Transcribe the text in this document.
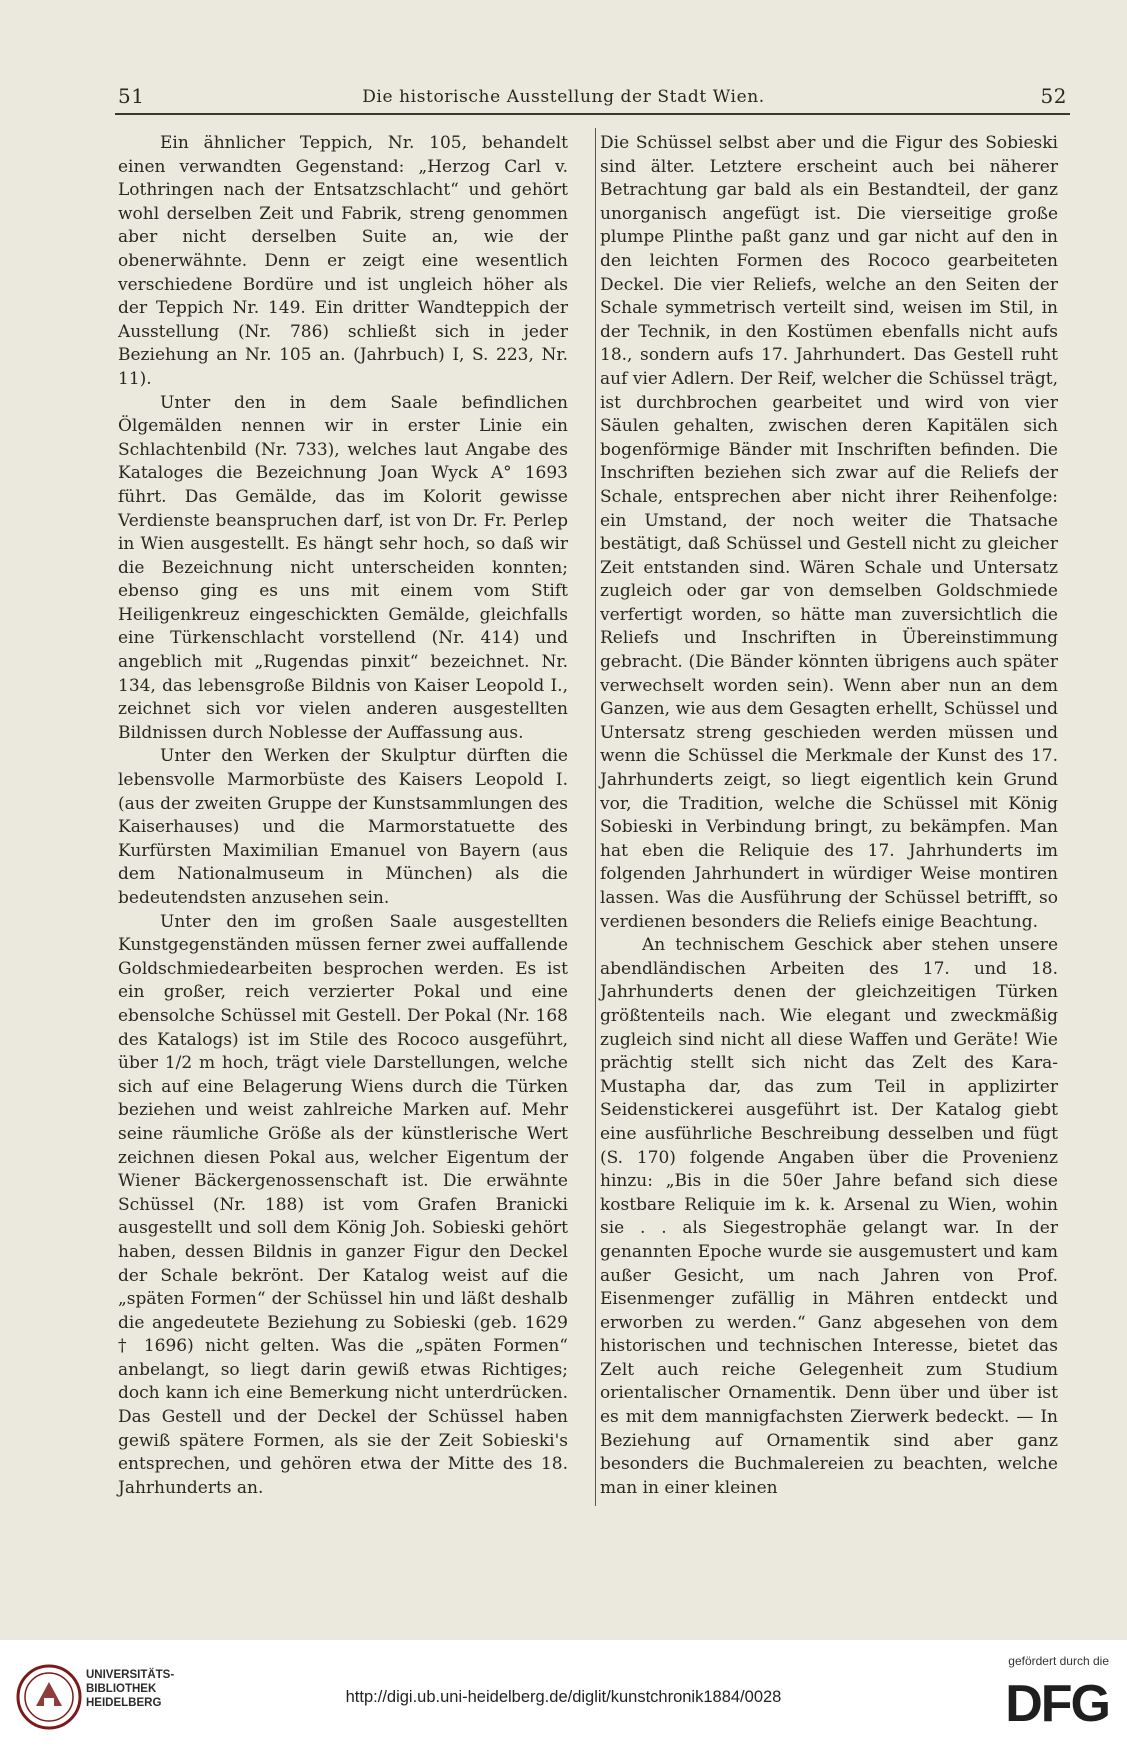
51	Die historische Ausstellung der Stadt Wien.	52

Ein ähnlicher Teppich, Nr. 105, behandelt einen verwandten Gegenstand: „Herzog Carl v. Lothringen nach der Entsatzschlacht“ und gehört wohl derselben Zeit und Fabrik, streng genommen aber nicht derselben Suite an, wie der obenerwähnte. Denn er zeigt eine wesentlich verschiedene Bordüre und ist ungleich höher als der Teppich Nr. 149. Ein dritter Wandteppich der Ausstellung (Nr. 786) schließt sich in jeder Beziehung an Nr. 105 an. (Jahrbuch) I, S. 223, Nr. 11).

Unter den in dem Saale befindlichen Ölgemälden nennen wir in erster Linie ein Schlachtenbild (Nr. 733), welches laut Angabe des Kataloges die Bezeichnung Joan Wyck A° 1693 führt. Das Gemälde, das im Kolorit gewisse Verdienste beanspruchen darf, ist von Dr. Fr. Perlep in Wien ausgestellt. Es hängt sehr hoch, so daß wir die Bezeichnung nicht unterscheiden konnten; ebenso ging es uns mit einem vom Stift Heiligenkreuz eingeschickten Gemälde, gleichfalls eine Türkenschlacht vorstellend (Nr. 414) und angeblich mit „Rugendas pinxit“ bezeichnet. Nr. 134, das lebensgroße Bildnis von Kaiser Leopold I., zeichnet sich vor vielen anderen ausgestellten Bildnissen durch Noblesse der Auffassung aus.

Unter den Werken der Skulptur dürften die lebensvolle Marmorbüste des Kaisers Leopold I. (aus der zweiten Gruppe der Kunstsammlungen des Kaiserhauses) und die Marmorstatuette des Kurfürsten Maximilian Emanuel von Bayern (aus dem Nationalmuseum in München) als die bedeutendsten anzusehen sein.

Unter den im großen Saale ausgestellten Kunstgegenständen müssen ferner zwei auffallende Goldschmiedearbeiten besprochen werden. Es ist ein großer, reich verzierter Pokal und eine ebensolche Schüssel mit Gestell. Der Pokal (Nr. 168 des Katalogs) ist im Stile des Rococo ausgeführt, über 1/2 m hoch, trägt viele Darstellungen, welche sich auf eine Belagerung Wiens durch die Türken beziehen und weist zahlreiche Marken auf. Mehr seine räumliche Größe als der künstlerische Wert zeichnen diesen Pokal aus, welcher Eigentum der Wiener Bäckergenossenschaft ist. Die erwähnte Schüssel (Nr. 188) ist vom Grafen Branicki ausgestellt und soll dem König Joh. Sobieski gehört haben, dessen Bildnis in ganzer Figur den Deckel der Schale bekrönt. Der Katalog weist auf die „späten Formen“ der Schüssel hin und läßt deshalb die angedeutete Beziehung zu Sobieski (geb. 1629 † 1696) nicht gelten. Was die „späten Formen“ anbelangt, so liegt darin gewiß etwas Richtiges; doch kann ich eine Bemerkung nicht unterdrücken. Das Gestell und der Deckel der Schüssel haben gewiß spätere Formen, als sie der Zeit Sobieski's entsprechen, und gehören etwa der Mitte des 18. Jahrhunderts an.

Die Schüssel selbst aber und die Figur des Sobieski sind älter. Letztere erscheint auch bei näherer Betrachtung gar bald als ein Bestandteil, der ganz unorganisch angefügt ist. Die vierseitige große plumpe Plinthe paßt ganz und gar nicht auf den in den leichten Formen des Rococo gearbeiteten Deckel. Die vier Reliefs, welche an den Seiten der Schale symmetrisch verteilt sind, weisen im Stil, in der Technik, in den Kostümen ebenfalls nicht aufs 18., sondern aufs 17. Jahrhundert. Das Gestell ruht auf vier Adlern. Der Reif, welcher die Schüssel trägt, ist durchbrochen gearbeitet und wird von vier Säulen gehalten, zwischen deren Kapitälen sich bogenförmige Bänder mit Inschriften befinden. Die Inschriften beziehen sich zwar auf die Reliefs der Schale, entsprechen aber nicht ihrer Reihenfolge: ein Umstand, der noch weiter die Thatsache bestätigt, daß Schüssel und Gestell nicht zu gleicher Zeit entstanden sind. Wären Schale und Untersatz zugleich oder gar von demselben Goldschmiede verfertigt worden, so hätte man zuversichtlich die Reliefs und Inschriften in Übereinstimmung gebracht. (Die Bänder könnten übrigens auch später verwechselt worden sein). Wenn aber nun an dem Ganzen, wie aus dem Gesagten erhellt, Schüssel und Untersatz streng geschieden werden müssen und wenn die Schüssel die Merkmale der Kunst des 17. Jahrhunderts zeigt, so liegt eigentlich kein Grund vor, die Tradition, welche die Schüssel mit König Sobieski in Verbindung bringt, zu bekämpfen. Man hat eben die Reliquie des 17. Jahrhunderts im folgenden Jahrhundert in würdiger Weise montiren lassen. Was die Ausführung der Schüssel betrifft, so verdienen besonders die Reliefs einige Beachtung.

An technischem Geschick aber stehen unsere abendländischen Arbeiten des 17. und 18. Jahrhunderts denen der gleichzeitigen Türken größtenteils nach. Wie elegant und zweckmäßig zugleich sind nicht all diese Waffen und Geräte! Wie prächtig stellt sich nicht das Zelt des Kara-Mustapha dar, das zum Teil in applizirter Seidenstickerei ausgeführt ist. Der Katalog giebt eine ausführliche Beschreibung desselben und fügt (S. 170) folgende Angaben über die Provenienz hinzu: „Bis in die 50er Jahre befand sich diese kostbare Reliquie im k. k. Arsenal zu Wien, wohin sie . . als Siegestrophäe gelangt war. In der genannten Epoche wurde sie ausgemustert und kam außer Gesicht, um nach Jahren von Prof. Eisenmenger zufällig in Mähren entdeckt und erworben zu werden.“ Ganz abgesehen von dem historischen und technischen Interesse, bietet das Zelt auch reiche Gelegenheit zum Studium orientalischer Ornamentik. Denn über und über ist es mit dem mannigfachsten Zierwerk bedeckt. — In Beziehung auf Ornamentik sind aber ganz besonders die Buchmalereien zu beachten, welche man in einer kleinen

UNIVERSITÄTS-
BIBLIOTHEK
HEIDELBERG	http://digi.ub.uni-heidelberg.de/diglit/kunstchronik1884/0028
gefördert durch die
DFG
